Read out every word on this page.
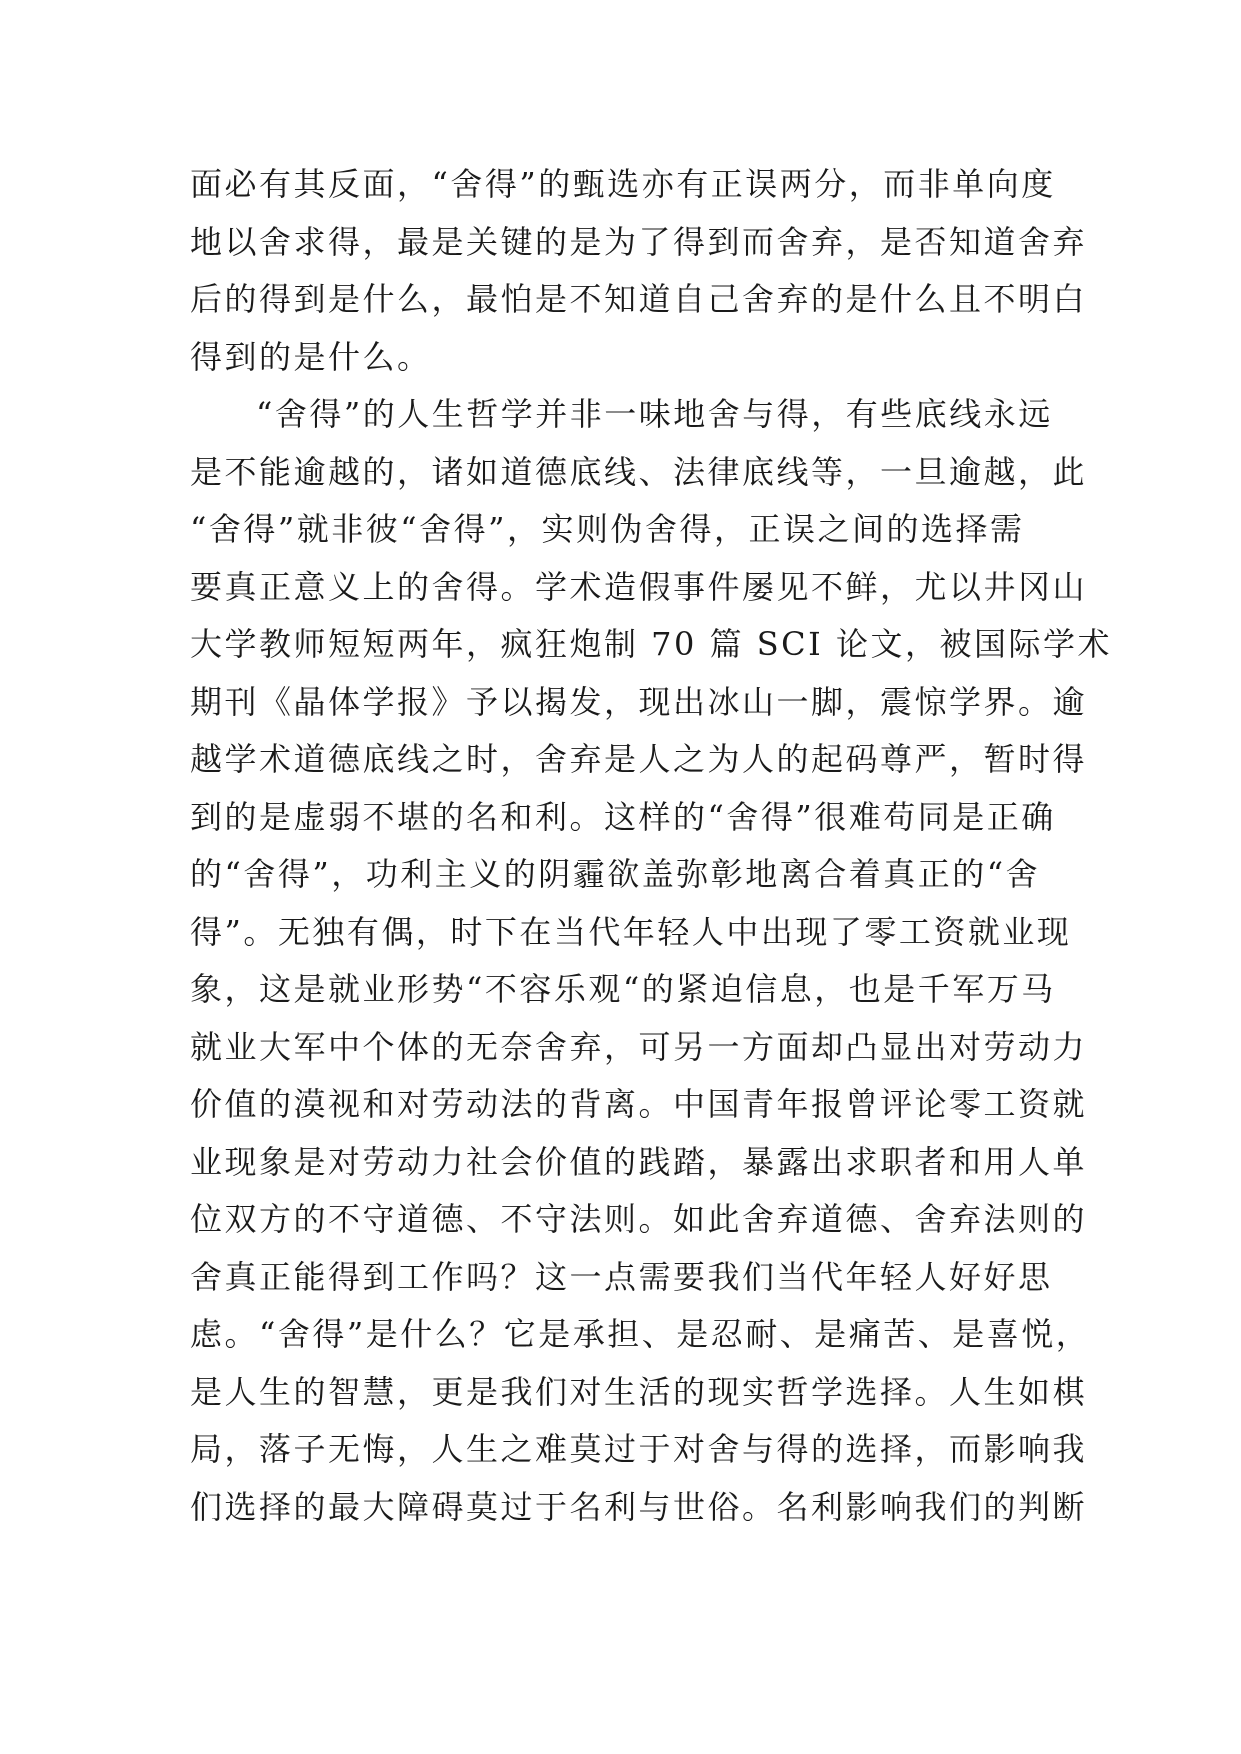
面必有其反面，“舍得”的甄选亦有正误两分，而非单向度
地以舍求得，最是关键的是为了得到而舍弃，是否知道舍弃
后的得到是什么，最怕是不知道自己舍弃的是什么且不明白
得到的是什么。
“舍得”的人生哲学并非一味地舍与得，有些底线永远
是不能逾越的，诸如道德底线、法律底线等，一旦逾越，此
“舍得”就非彼“舍得”，实则伪舍得，正误之间的选择需
要真正意义上的舍得。学术造假事件屡见不鲜，尤以井冈山
大学教师短短两年，疯狂炮制 70 篇 SCI 论文，被国际学术
期刊《晶体学报》予以揭发，现出冰山一脚，震惊学界。逾
越学术道德底线之时，舍弃是人之为人的起码尊严，暂时得
到的是虚弱不堪的名和利。这样的“舍得”很难苟同是正确
的“舍得”，功利主义的阴霾欲盖弥彰地离合着真正的“舍
得”。无独有偶，时下在当代年轻人中出现了零工资就业现
象，这是就业形势“不容乐观“的紧迫信息，也是千军万马
就业大军中个体的无奈舍弃，可另一方面却凸显出对劳动力
价值的漠视和对劳动法的背离。中国青年报曾评论零工资就
业现象是对劳动力社会价值的践踏，暴露出求职者和用人单
位双方的不守道德、不守法则。如此舍弃道德、舍弃法则的
舍真正能得到工作吗？这一点需要我们当代年轻人好好思
虑。“舍得”是什么？它是承担、是忍耐、是痛苦、是喜悦，
是人生的智慧，更是我们对生活的现实哲学选择。人生如棋
局，落子无悔，人生之难莫过于对舍与得的选择，而影响我
们选择的最大障碍莫过于名利与世俗。名利影响我们的判断
